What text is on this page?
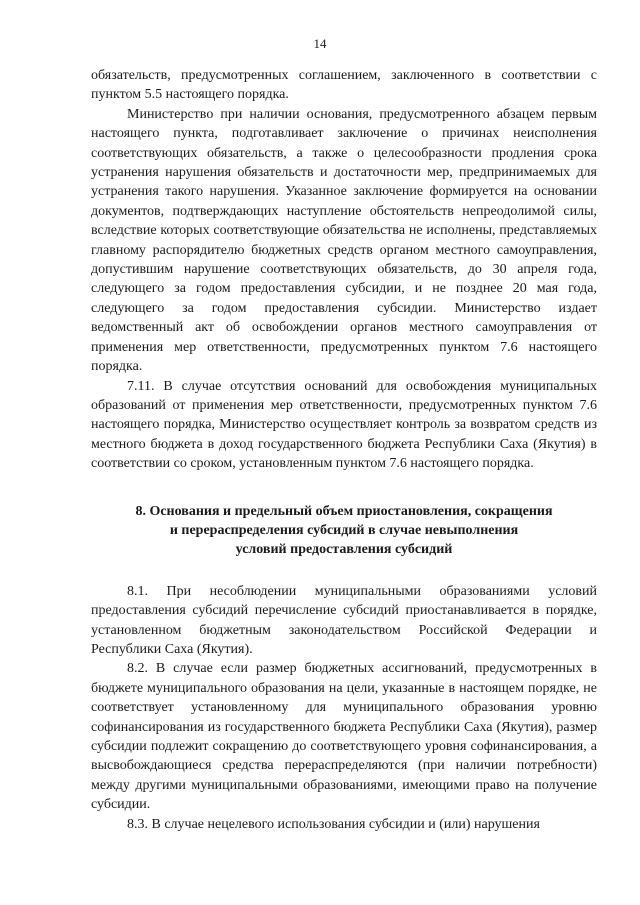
14

обязательств, предусмотренных соглашением, заключенного в соответствии с пунктом 5.5 настоящего порядка.

Министерство при наличии основания, предусмотренного абзацем первым настоящего пункта, подготавливает заключение о причинах неисполнения соответствующих обязательств, а также о целесообразности продления срока устранения нарушения обязательств и достаточности мер, предпринимаемых для устранения такого нарушения. Указанное заключение формируется на основании документов, подтверждающих наступление обстоятельств непреодолимой силы, вследствие которых соответствующие обязательства не исполнены, представляемых главному распорядителю бюджетных средств органом местного самоуправления, допустившим нарушение соответствующих обязательств, до 30 апреля года, следующего за годом предоставления субсидии, и не позднее 20 мая года, следующего за годом предоставления субсидии. Министерство издает ведомственный акт об освобождении органов местного самоуправления от применения мер ответственности, предусмотренных пунктом 7.6 настоящего порядка.

7.11. В случае отсутствия оснований для освобождения муниципальных образований от применения мер ответственности, предусмотренных пунктом 7.6 настоящего порядка, Министерство осуществляет контроль за возвратом средств из местного бюджета в доход государственного бюджета Республики Саха (Якутия) в соответствии со сроком, установленным пунктом 7.6 настоящего порядка.

8. Основания и предельный объем приостановления, сокращения
и перераспределения субсидий в случае невыполнения
условий предоставления субсидий

8.1. При несоблюдении муниципальными образованиями условий предоставления субсидий перечисление субсидий приостанавливается в порядке, установленном бюджетным законодательством Российской Федерации и Республики Саха (Якутия).

8.2. В случае если размер бюджетных ассигнований, предусмотренных в бюджете муниципального образования на цели, указанные в настоящем порядке, не соответствует установленному для муниципального образования уровню софинансирования из государственного бюджета Республики Саха (Якутия), размер субсидии подлежит сокращению до соответствующего уровня софинансирования, а высвобождающиеся средства перераспределяются (при наличии потребности) между другими муниципальными образованиями, имеющими право на получение субсидии.

8.3. В случае нецелевого использования субсидии и (или) нарушения
